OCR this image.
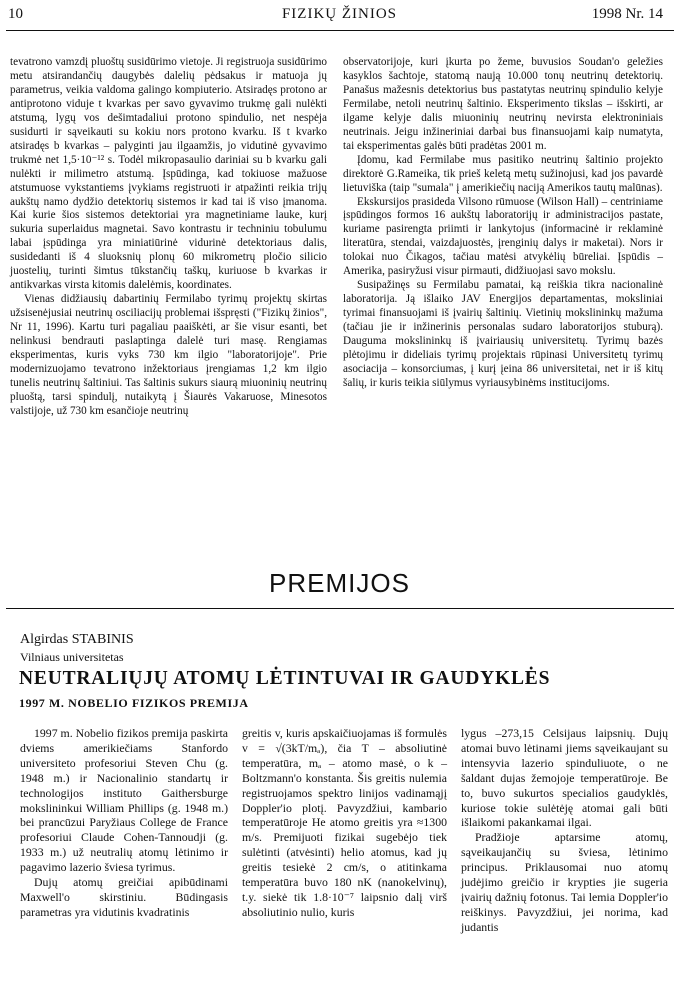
10	FIZIKŲ ŽINIOS	1998 Nr. 14

tevatrono vamzdį pluoštų susidūrimo vietoje. Ji registruoja susidūrimo metu atsirandančių daugybės dalelių pėdsakus ir matuoja jų parametrus, veikia valdoma galingo kompiuterio. Atsiradęs protono ar antiprotono viduje t kvarkas per savo gyvavimo trukmę gali nulėkti atstumą, lygų vos dešimtadaliui protono spindulio, net nespėja susidurti ir sąveikauti su kokiu nors protono kvarku. Iš t kvarko atsiradęs b kvarkas – palyginti jau ilgaamžis, jo vidutinė gyvavimo trukmė net 1,5·10⁻¹² s. Todėl mikropasaulio dariniai su b kvarku gali nulėkti ir milimetro atstumą. Įspūdinga, kad tokiuose mažuose atstumuose vykstantiems įvykiams registruoti ir atpažinti reikia trijų aukštų namo dydžio detektorių sistemos ir kad tai iš viso įmanoma. Kai kurie šios sistemos detektoriai yra magnetiniame lauke, kurį sukuria superlaidus magnetai. Savo kontrastu ir techniniu tobulumu labai įspūdinga yra miniatiūrinė vidurinė detektoriaus dalis, susidedanti iš 4 sluoksnių plonų 60 mikrometrų pločio silicio juostelių, turinti šimtus tūkstančių taškų, kuriuose b kvarkas ir antikvarkas virsta kitomis dalelėmis, koordinates.

Vienas didžiausių dabartinių Fermilabo tyrimų projektų skirtas užsisenėjusiai neutrinų osciliacijų problemai išspręsti ("Fizikų žinios", Nr 11, 1996). Kartu turi pagaliau paaiškėti, ar šie visur esanti, bet nelinkusi bendrauti paslaptinga dalelė turi masę. Rengiamas eksperimentas, kuris vyks 730 km ilgio "laboratorijoje". Prie modernizuojamo tevatrono inžektoriaus įrengiamas 1,2 km ilgio tunelis neutrinų šaltiniui. Tas šaltinis sukurs siaurą miuoninių neutrinų pluoštą, tarsi spindulį, nutaikytą į Šiaurės Vakaruose, Minesotos valstijoje, už 730 km esančioje neutrinų

observatorijoje, kuri įkurta po žeme, buvusios Soudan'o geležies kasyklos šachtoje, statomą naują 10.000 tonų neutrinų detektorių. Panašus mažesnis detektorius bus pastatytas neutrinų spindulio kelyje Fermilabe, netoli neutrinų šaltinio. Eksperimento tikslas – išskirti, ar ilgame kelyje dalis miuoninių neutrinų nevirsta elektroniniais neutrinais. Jeigu inžineriniai darbai bus finansuojami kaip numatyta, tai eksperimentas galės būti pradėtas 2001 m.

Įdomu, kad Fermilabe mus pasitiko neutrinų šaltinio projekto direktorė G.Rameika, tik prieš keletą metų sužinojusi, kad jos pavardė lietuviška (taip "sumala" į amerikiečių naciją Amerikos tautų malūnas).

Ekskursijos prasideda Vilsono rūmuose (Wilson Hall) – centriniame įspūdingos formos 16 aukštų laboratorijų ir administracijos pastate, kuriame pasirengta priimti ir lankytojus (informacinė ir reklaminė literatūra, stendai, vaizdajuostės, įrenginių dalys ir maketai). Nors ir tolokai nuo Čikagos, tačiau matėsi atvykėlių būreliai. Įspūdis – Amerika, pasiryžusi visur pirmauti, didžiuojasi savo mokslu.

Susipažinęs su Fermilabu pamatai, ką reiškia tikra nacionalinė laboratorija. Ją išlaiko JAV Energijos departamentas, moksliniai tyrimai finansuojami iš įvairių šaltinių. Vietinių mokslininkų mažuma (tačiau jie ir inžinerinis personalas sudaro laboratorijos stuburą). Dauguma mokslininkų iš įvairiausių universitetų. Tyrimų bazės plėtojimu ir dideliais tyrimų projektais rūpinasi Universitetų tyrimų asociacija – konsorciumas, į kurį įeina 86 universitetai, net ir iš kitų šalių, ir kuris teikia siūlymus vyriausybinėms institucijoms.

PREMIJOS
Algirdas STABINIS
Vilniaus universitetas
NEUTRALIŲJŲ ATOMŲ LĖTINTUVAI IR GAUDYKLĖS
1997 M. NOBELIO FIZIKOS PREMIJA

1997 m. Nobelio fizikos premija paskirta dviems amerikiečiams Stanfordo universiteto profesoriui Steven Chu (g. 1948 m.) ir Nacionalinio standartų ir technologijos instituto Gaithersburge mokslininkui William Phillips (g. 1948 m.) bei prancūzui Paryžiaus College de France profesoriui Claude Cohen-Tannoudji (g. 1933 m.) už neutralių atomų lėtinimo ir pagavimo lazerio šviesa tyrimus.

Dujų atomų greičiai apibūdinami Maxwell'o skirstiniu. Būdingasis parametras yra vidutinis kvadratinis

greitis v, kuris apskaičiuojamas iš formulės v = √(3kT/mₐ), čia T – absoliutinė temperatūra, mₐ – atomo masė, o k – Boltzmann'o konstanta. Šis greitis nulemia registruojamos spektro linijos vadinamąjį Doppler'io plotį. Pavyzdžiui, kambario temperatūroje He atomo greitis yra ≈1300 m/s. Premijuoti fizikai sugebėjo tiek sulėtinti (atvėsinti) helio atomus, kad jų greitis tesiekė 2 cm/s, o atitinkama temperatūra buvo 180 nK (nanokelvinų), t.y. siekė tik 1.8·10⁻⁷ laipsnio dalį virš absoliutinio nulio, kuris

lygus –273,15 Celsijaus laipsnių. Dujų atomai buvo lėtinami jiems sąveikaujant su intensyvia lazerio spinduliuote, o ne šaldant dujas žemojoje temperatūroje. Be to, buvo sukurtos specialios gaudyklės, kuriose tokie sulėtėję atomai gali būti išlaikomi pakankamai ilgai.

Pradžioje aptarsime atomų, sąveikaujančių su šviesa, lėtinimo principus. Priklausomai nuo atomų judėjimo greičio ir krypties jie sugeria įvairių dažnių fotonus. Tai lemia Doppler'io reiškinys. Pavyzdžiui, jei norima, kad judantis
